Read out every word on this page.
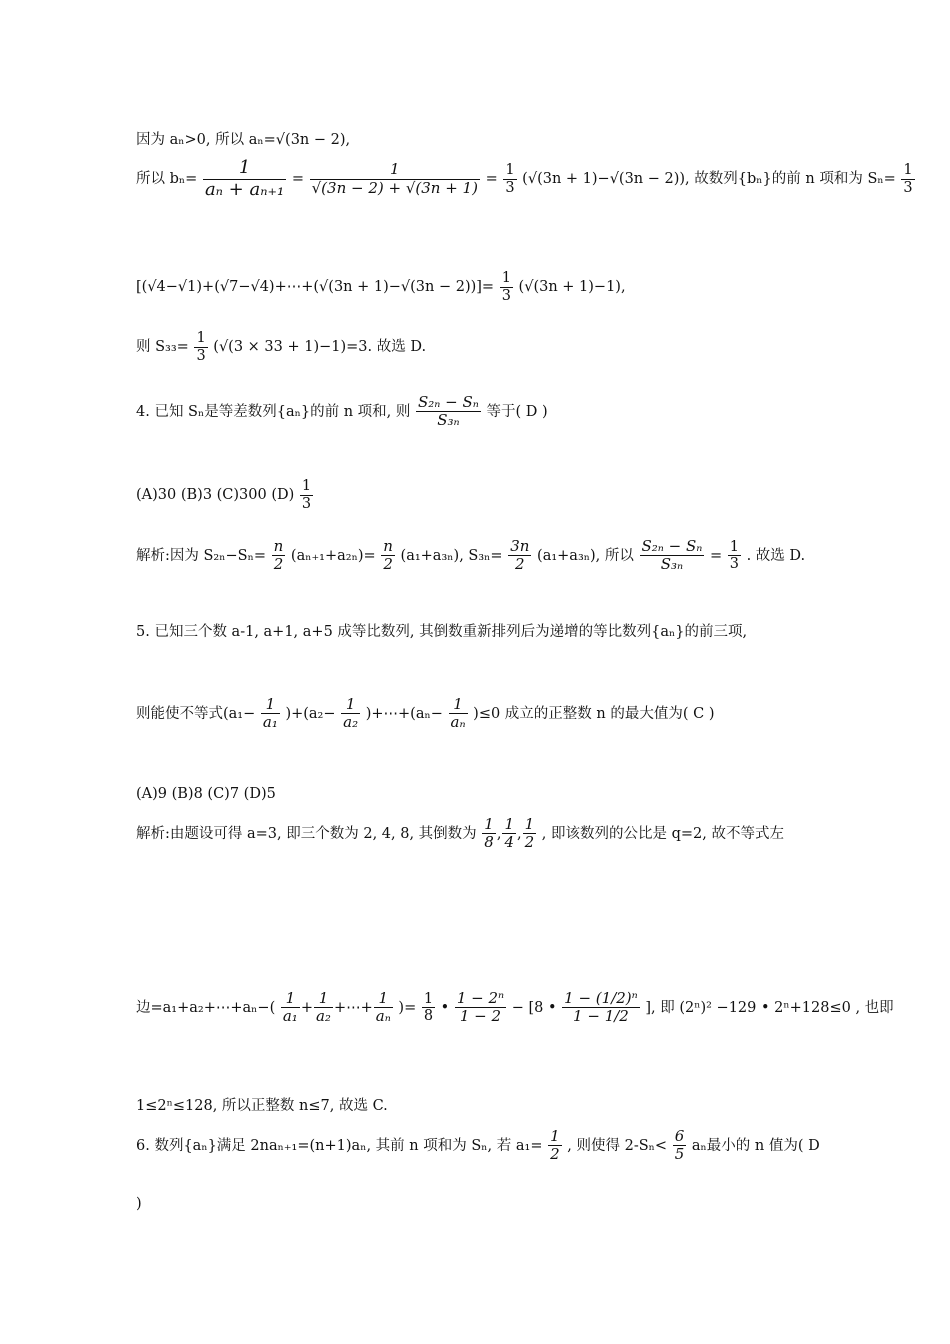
因为 aₙ>0, 所以 aₙ=√(3n − 2),
所以 $b_n= \frac{1}{\text{aₙ + aₙ₊₁}} = \frac{1}{√(3n - 2) + √(3n + 1)} = \frac{1}{3} (√(3n + 1)-√(3n - 2))$, 故数列{bₙ}的前 n 项和为 $S_n= \frac{1}{3}$
[(√4−√1)+(√7−√4)+⋯+(√(3n + $1)-√(3n - 2))]= \frac{1}{3} (√(3n + 1)-1)$,
则 $S_{33}= \frac{1}{3} (√(3 \times 33 + 1)-1)=3$. 故选 D.
4. 已知 Sₙ是等差数列{aₙ}的前 n 项和, 则 $\frac{\text{S₂ₙ − Sₙ}}{\text{S₃ₙ}}$ 等于( D )
(A)30 (B)3 (C)300 $(D) \frac{1}{3}$
解析:因为 $S_{2n}-S_n= \frac{n}{2} (a_{n+1}+a_{2n})= \frac{n}{2} (a_1+a_{3n})$, $S_{3n}= \frac{3n}{2} (a_1+a_{3n})$, 所以 $\frac{\text{S₂ₙ − Sₙ}}{\text{S₃ₙ}} = \frac{1}{3}$ . 故选 D.
5. 已知三个数 a-1, a+1, a+5 成等比数列, 其倒数重新排列后为递增的等比数列{aₙ}的前三项,
则能使不等式$(a_1- \frac{1}{\text{a₁}} )+(a_2- \frac{1}{\text{a₂}}$ )+⋯+(aₙ− $\frac{1}{\text{aₙ}} )\le 0$ 成立的正整数 n 的最大值为( C )
(A)9 (B)8 (C)7 (D)5
解析:由题设可得 a=3, 即三个数为 2, 4, 8, 其倒数为 $\frac{1}{8}$ , $\frac{1}{4}$ , $\frac{1}{2}$ , 即该数列的公比是 q=2, 故不等式左
边=a₁+a₂+⋯+aₙ−( $\frac{1}{\text{a₁}} + \frac{1}{\text{a₂}}$ +⋯+ $\frac{1}{\text{aₙ}}$ )= $\frac{1}{8}$ • $\frac{\text{1 − 2ⁿ}}{1 - 2} - [8$ • $\frac{\text{1 − (1/2)ⁿ}}{1 - 1/2}$ ], 即 (2ⁿ)² −129 • 2ⁿ+128≤0 , 也即
1≤2ⁿ≤128, 所以正整数 n≤7, 故选 C.
6. 数列{aₙ}满足 2naₙ₊₁=(n+1)aₙ, 其前 n 项和为 Sₙ, 若 $a_1= \frac{1}{2}$ , 则使得 $2-S_n< \frac{6}{5}$ aₙ最小的 n 值为( D
)
